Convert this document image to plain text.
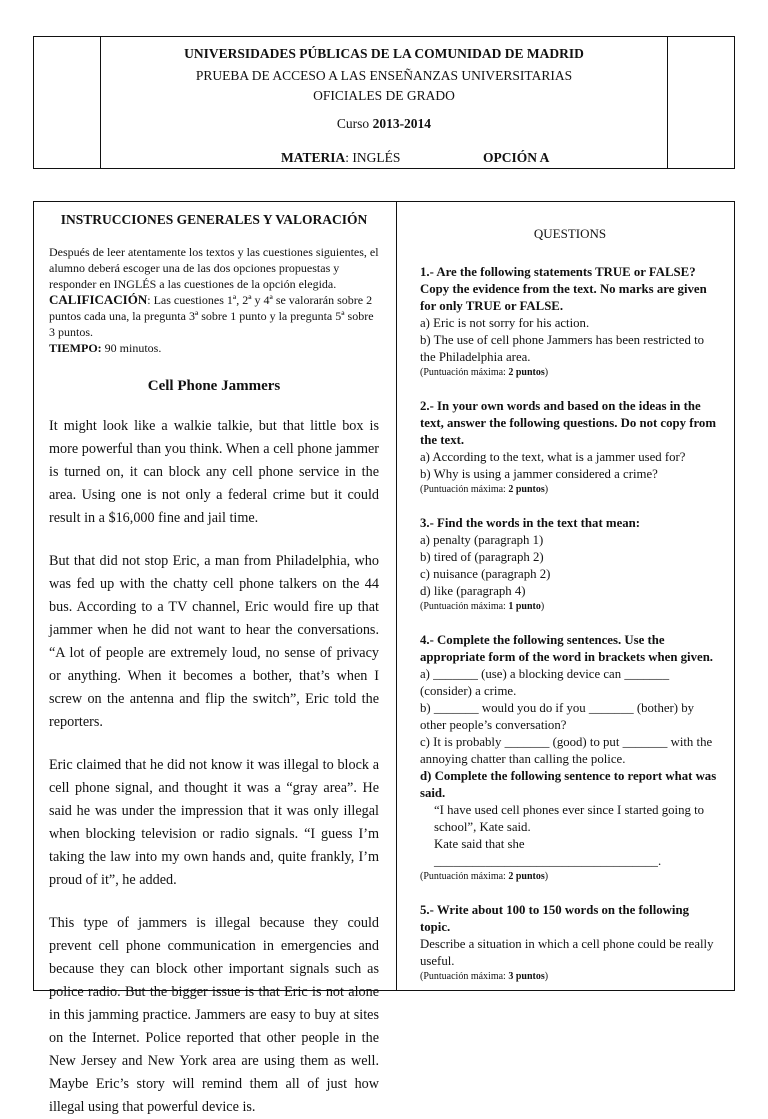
UNIVERSIDADES PÚBLICAS DE LA COMUNIDAD DE MADRID
PRUEBA DE ACCESO A LAS ENSEÑANZAS UNIVERSITARIAS
OFICIALES DE GRADO
Curso 2013-2014
MATERIA: INGLÉS	OPCIÓN A
INSTRUCCIONES GENERALES Y VALORACIÓN
Después de leer atentamente los textos y las cuestiones siguientes, el alumno deberá escoger una de las dos opciones propuestas y responder en INGLÉS a las cuestiones de la opción elegida.
CALIFICACIÓN: Las cuestiones 1ª, 2ª y 4ª se valorarán sobre 2 puntos cada una, la pregunta 3ª sobre 1 punto y la pregunta 5ª sobre 3 puntos.
TIEMPO: 90 minutos.
Cell Phone Jammers

It might look like a walkie talkie, but that little box is more powerful than you think. When a cell phone jammer is turned on, it can block any cell phone service in the area. Using one is not only a federal crime but it could result in a $16,000 fine and jail time.

But that did not stop Eric, a man from Philadelphia, who was fed up with the chatty cell phone talkers on the 44 bus. According to a TV channel, Eric would fire up that jammer when he did not want to hear the conversations. “A lot of people are extremely loud, no sense of privacy or anything. When it becomes a bother, that’s when I screw on the antenna and flip the switch”, Eric told the reporters.

Eric claimed that he did not know it was illegal to block a cell phone signal, and thought it was a “gray area”. He said he was under the impression that it was only illegal when blocking television or radio signals. “I guess I’m taking the law into my own hands and, quite frankly, I’m proud of it”, he added.

This type of jammers is illegal because they could prevent cell phone communication in emergencies and because they can block other important signals such as police radio. But the bigger issue is that Eric is not alone in this jamming practice. Jammers are easy to buy at sites on the Internet. Police reported that other people in the New Jersey and New York area are using them as well. Maybe Eric’s story will remind them all of just how illegal using that powerful device is.

QUESTIONS
1.- Are the following statements TRUE or FALSE? Copy the evidence from the text. No marks are given for only TRUE or FALSE.
a) Eric is not sorry for his action.
b) The use of cell phone Jammers has been restricted to the Philadelphia area.
(Puntuación máxima: 2 puntos)
2.- In your own words and based on the ideas in the text, answer the following questions. Do not copy from the text.
a) According to the text, what is a jammer used for?
b) Why is using a jammer considered a crime?
(Puntuación máxima: 2 puntos)
3.- Find the words in the text that mean:
a) penalty (paragraph 1)
b) tired of (paragraph 2)
c) nuisance (paragraph 2)
d) like (paragraph 4)
(Puntuación máxima: 1 punto)
4.- Complete the following sentences. Use the appropriate form of the word in brackets when given.
a) _______ (use) a blocking device can _______ (consider) a crime.
b) _______ would you do if you _______ (bother) by other people’s conversation?
c) It is probably _______ (good) to put _______ with the annoying chatter than calling the police.
d) Complete the following sentence to report what was said.
“I have used cell phones ever since I started going to school”, Kate said.
Kate said that she ___________________________________.
(Puntuación máxima: 2 puntos)
5.- Write about 100 to 150 words on the following topic.
Describe a situation in which a cell phone could be really useful.
(Puntuación máxima: 3 puntos)
